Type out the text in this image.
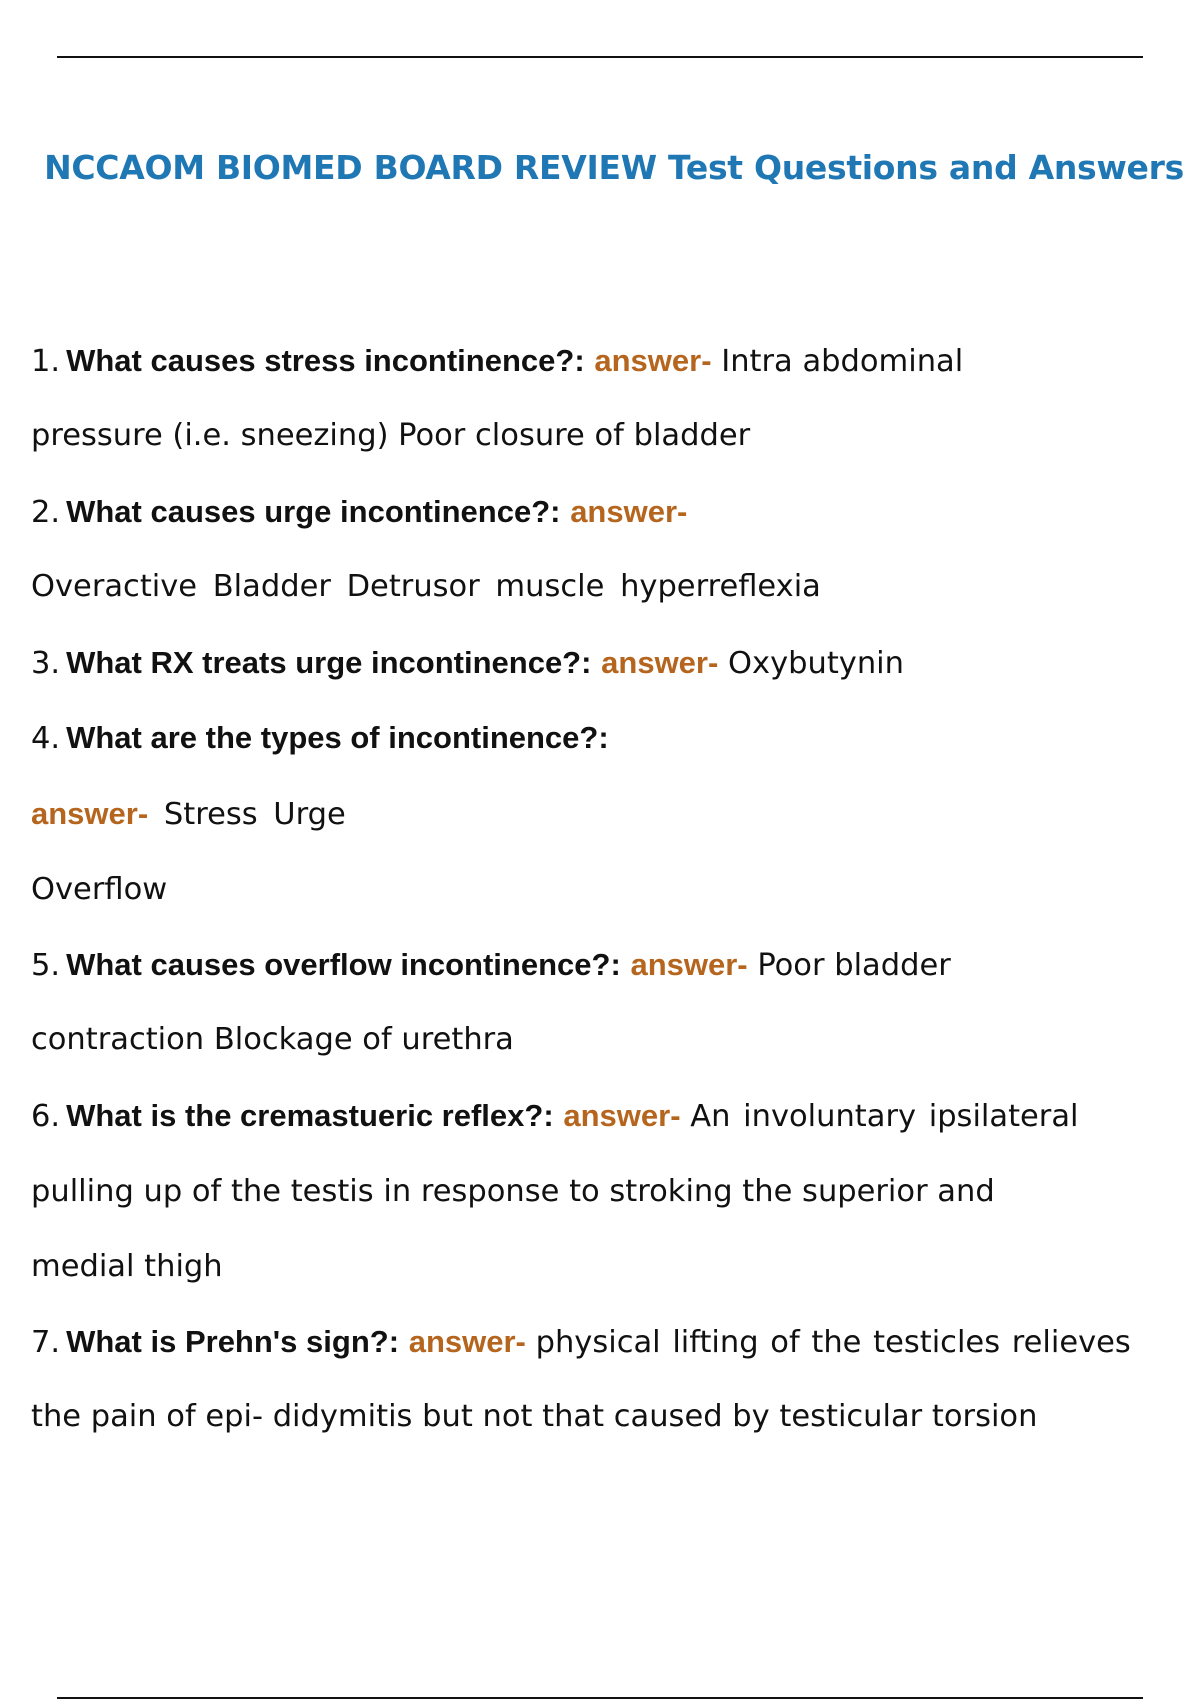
NCCAOM BIOMED BOARD REVIEW Test Questions and Answers
1. What causes stress incontinence?: answer- Intra abdominal
pressure (i.e. sneezing) Poor closure of bladder
2. What causes urge incontinence?: answer-
Overactive Bladder Detrusor muscle hyperreflexia
3. What RX treats urge incontinence?: answer- Oxybutynin
4. What are the types of incontinence?:
answer- Stress Urge
Overflow
5. What causes overflow incontinence?: answer- Poor bladder
contraction Blockage of urethra
6. What is the cremastueric reflex?: answer- An involuntary ipsilateral
pulling up of the testis in response to stroking the superior and
medial thigh
7. What is Prehn's sign?: answer- physical lifting of the testicles relieves
the pain of epi- didymitis but not that caused by testicular torsion
